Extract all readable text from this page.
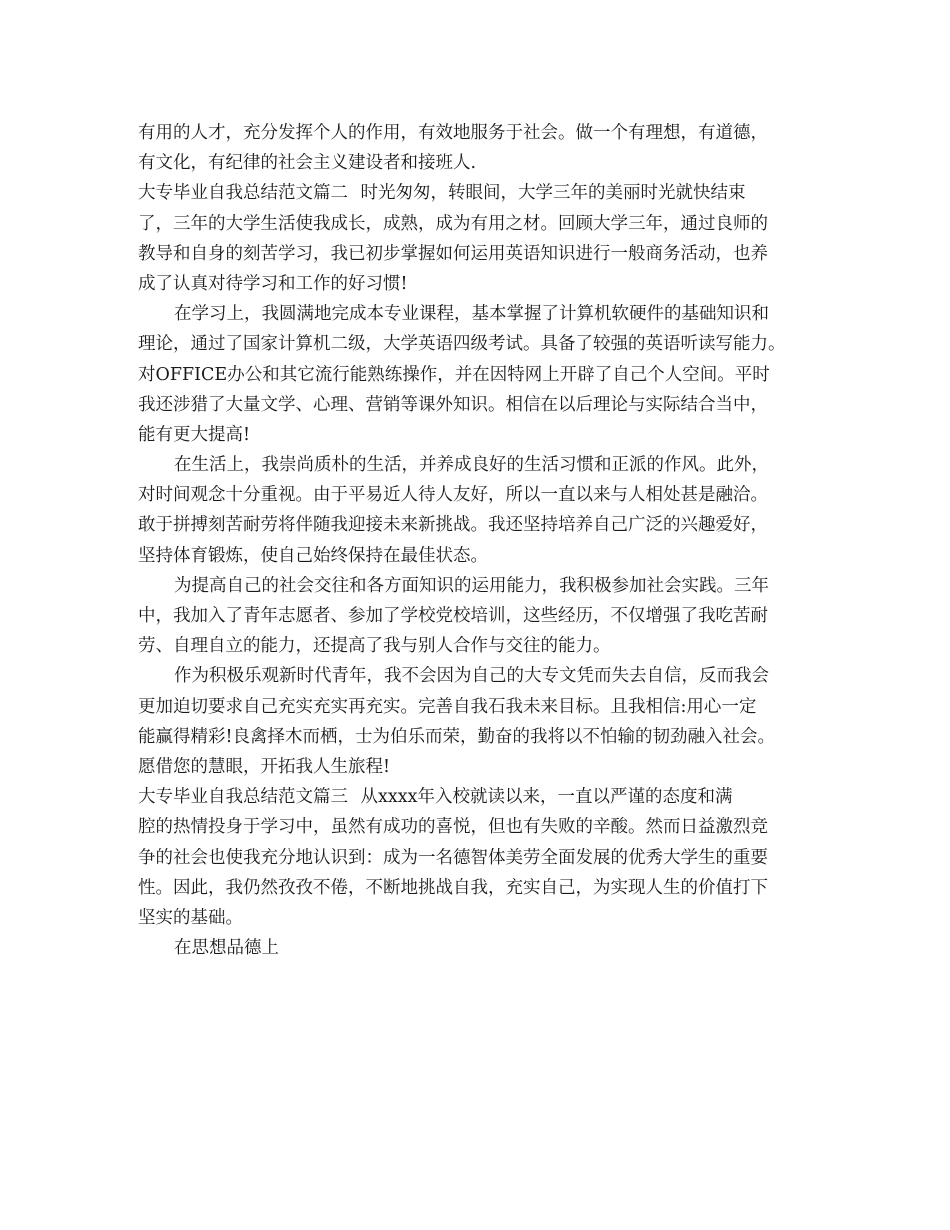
有用的人才，充分发挥个人的作用，有效地服务于社会。做一个有理想，有道德，
有文化，有纪律的社会主义建设者和接班人.
大专毕业自我总结范文篇二	时光匆匆，转眼间，大学三年的美丽时光就快结束
了，三年的大学生活使我成长，成熟，成为有用之材。回顾大学三年，通过良师的
教导和自身的刻苦学习，我已初步掌握如何运用英语知识进行一般商务活动，也养
成了认真对待学习和工作的好习惯!
在学习上，我圆满地完成本专业课程，基本掌握了计算机软硬件的基础知识和
理论，通过了国家计算机二级，大学英语四级考试。具备了较强的英语听读写能力。
对OFFICE办公和其它流行能熟练操作，并在因特网上开辟了自己个人空间。平时
我还涉猎了大量文学、心理、营销等课外知识。相信在以后理论与实际结合当中，
能有更大提高!
在生活上，我崇尚质朴的生活，并养成良好的生活习惯和正派的作风。此外，
对时间观念十分重视。由于平易近人待人友好，所以一直以来与人相处甚是融洽。
敢于拼搏刻苦耐劳将伴随我迎接未来新挑战。我还坚持培养自己广泛的兴趣爱好，
坚持体育锻炼，使自己始终保持在最佳状态。
为提高自己的社会交往和各方面知识的运用能力，我积极参加社会实践。三年
中，我加入了青年志愿者、参加了学校党校培训，这些经历，不仅增强了我吃苦耐
劳、自理自立的能力，还提高了我与别人合作与交往的能力。
作为积极乐观新时代青年，我不会因为自己的大专文凭而失去自信，反而我会
更加迫切要求自己充实充实再充实。完善自我石我未来目标。且我相信:用心一定
能赢得精彩!良禽择木而栖，士为伯乐而荣，勤奋的我将以不怕输的韧劲融入社会。
愿借您的慧眼，开拓我人生旅程!
大专毕业自我总结范文篇三	从xxxx年入校就读以来，一直以严谨的态度和满
腔的热情投身于学习中，虽然有成功的喜悦，但也有失败的辛酸。然而日益激烈竞
争的社会也使我充分地认识到：成为一名德智体美劳全面发展的优秀大学生的重要
性。因此，我仍然孜孜不倦，不断地挑战自我，充实自己，为实现人生的价值打下
坚实的基础。
在思想品德上
